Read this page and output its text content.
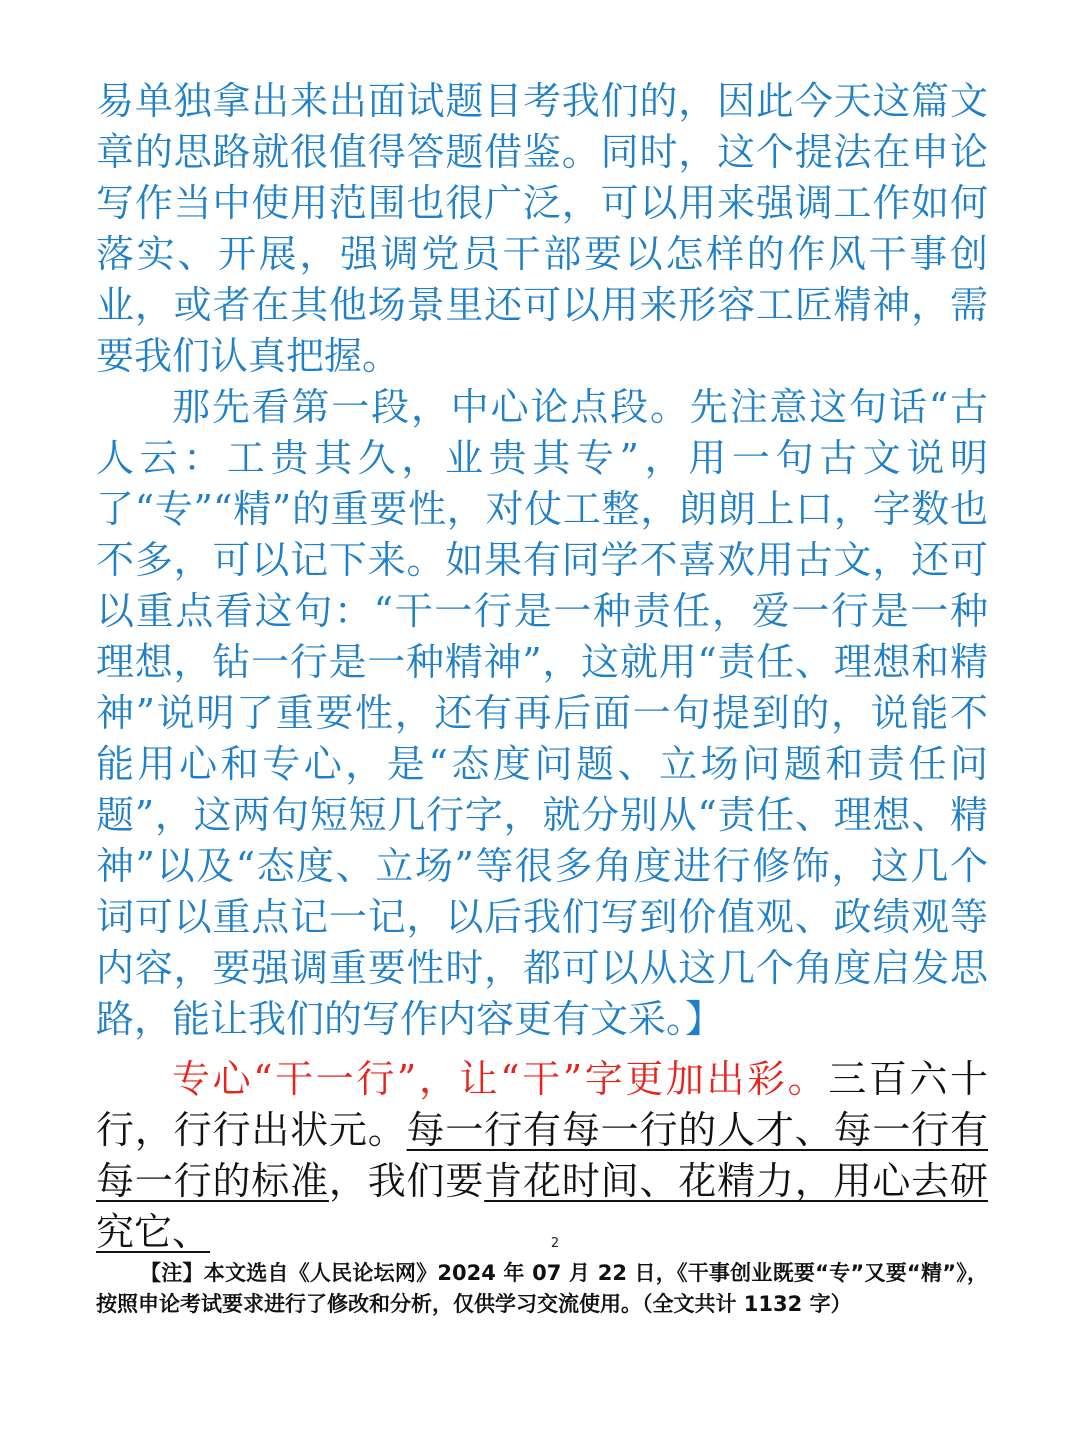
易单独拿出来出面试题目考我们的，因此今天这篇文章的思路就很值得答题借鉴。同时，这个提法在申论写作当中使用范围也很广泛，可以用来强调工作如何落实、开展，强调党员干部要以怎样的作风干事创业，或者在其他场景里还可以用来形容工匠精神，需要我们认真把握。

那先看第一段，中心论点段。先注意这句话“古人云：工贵其久，业贵其专”，用一句古文说明了“专”“精”的重要性，对仗工整，朗朗上口，字数也不多，可以记下来。如果有同学不喜欢用古文，还可以重点看这句：“干一行是一种责任，爱一行是一种理想，钻一行是一种精神”，这就用“责任、理想和精神”说明了重要性，还有再后面一句提到的，说能不能用心和专心，是“态度问题、立场问题和责任问题”，这两句短短几行字，就分别从“责任、理想、精神”以及“态度、立场”等很多角度进行修饰，这几个词可以重点记一记，以后我们写到价值观、政绩观等内容，要强调重要性时，都可以从这几个角度启发思路，能让我们的写作内容更有文采。】

专心“干一行”，让“干”字更加出彩。三百六十行，行行出状元。每一行有每一行的人才、每一行有每一行的标准，我们要肯花时间、花精力，用心去研究它、	2

【注】本文选自《人民论坛网》2024 年 07 月 22 日，《干事创业既要“专”又要“精”》，按照申论考试要求进行了修改和分析，仅供学习交流使用。（全文共计 1132 字）
